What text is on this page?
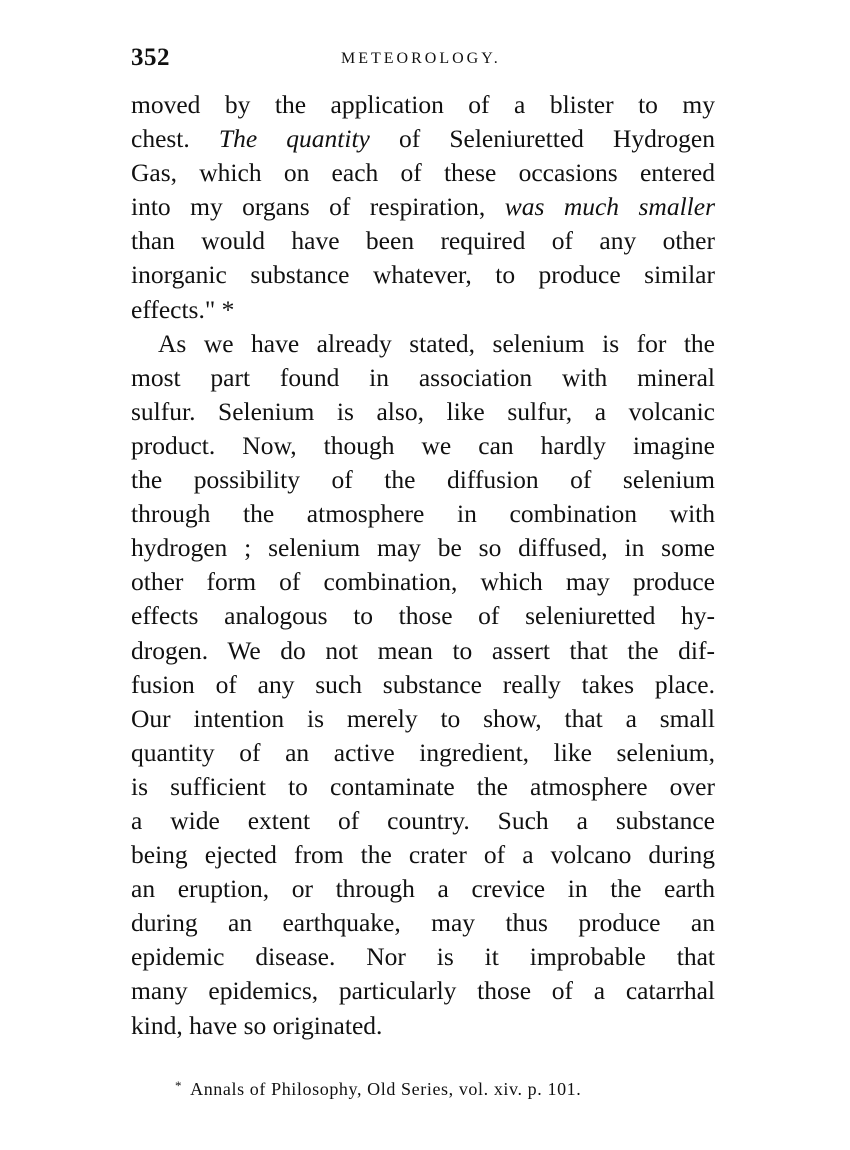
352	METEOROLOGY.
moved by the application of a blister to my
chest. The quantity of Seleniuretted Hydrogen
Gas, which on each of these occasions entered
into my organs of respiration, was much smaller
than would have been required of any other
inorganic substance whatever, to produce similar
effects." *
As we have already stated, selenium is for the
most part found in association with mineral
sulfur. Selenium is also, like sulfur, a volcanic
product. Now, though we can hardly imagine
the possibility of the diffusion of selenium
through the atmosphere in combination with
hydrogen ; selenium may be so diffused, in some
other form of combination, which may produce
effects analogous to those of seleniuretted hy-
drogen. We do not mean to assert that the dif-
fusion of any such substance really takes place.
Our intention is merely to show, that a small
quantity of an active ingredient, like selenium,
is sufficient to contaminate the atmosphere over
a wide extent of country. Such a substance
being ejected from the crater of a volcano during
an eruption, or through a crevice in the earth
during an earthquake, may thus produce an
epidemic disease. Nor is it improbable that
many epidemics, particularly those of a catarrhal
kind, have so originated.
* Annals of Philosophy, Old Series, vol. xiv. p. 101.
